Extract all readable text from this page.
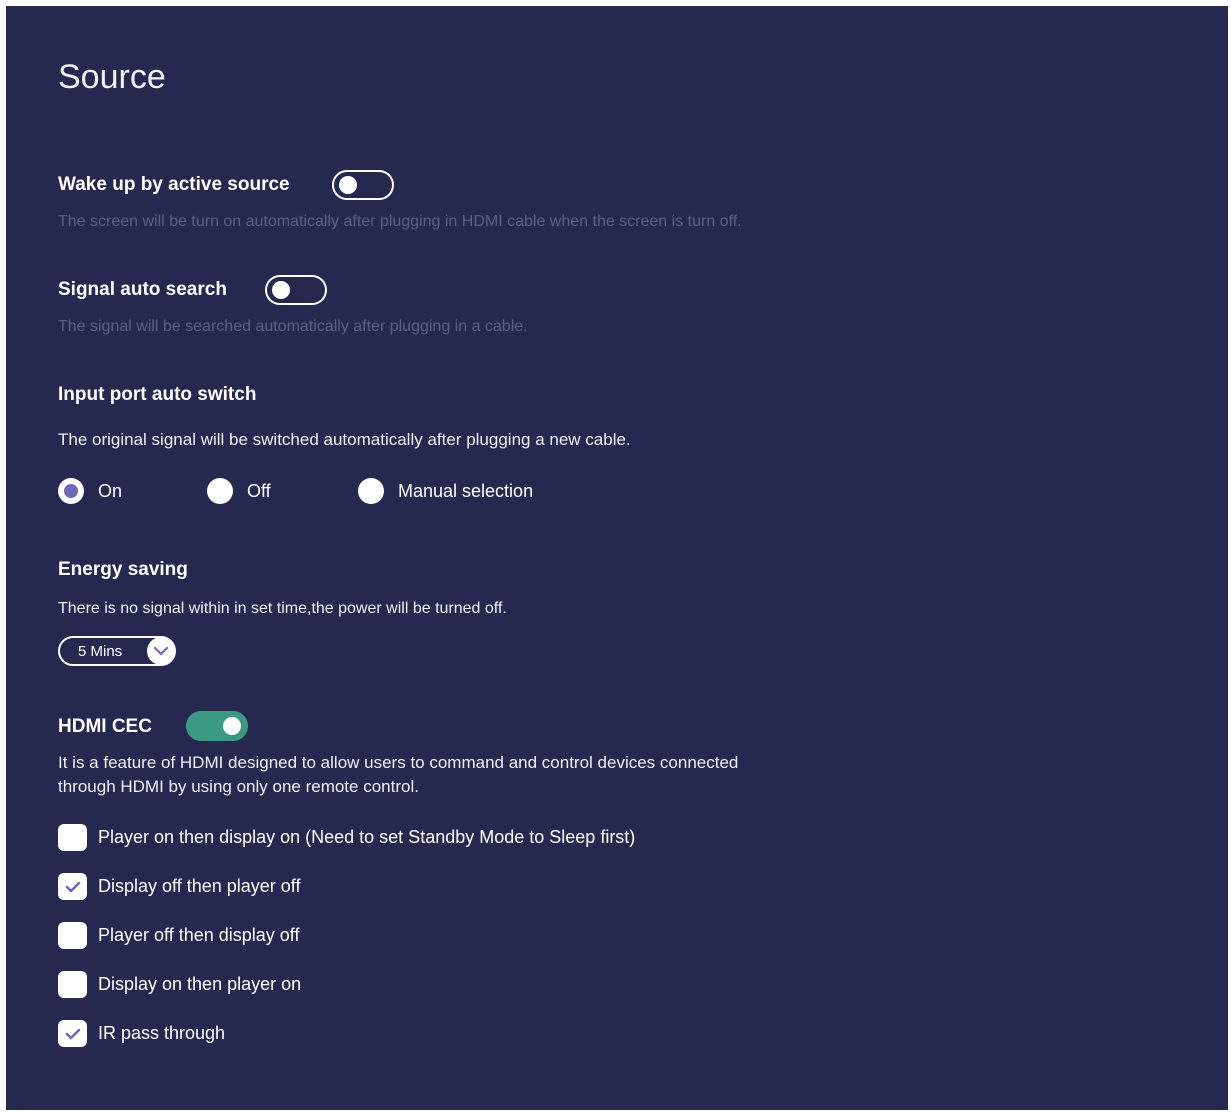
Source
Wake up by active source
The screen will be turn on automatically after plugging in HDMI cable when the screen is turn off.
Signal auto search
The signal will be searched automatically after plugging in a cable.
Input port auto switch
The original signal will be switched automatically after plugging a new cable.
On	Off	Manual selection
Energy saving
There is no signal within in set time,the power will be turned off.
5 Mins
HDMI CEC
It is a feature of HDMI designed to allow users to command and control devices connected through HDMI by using only one remote control.
Player on then display on (Need to set Standby Mode to Sleep first)
Display off then player off
Player off then display off
Display on then player on
IR pass through
